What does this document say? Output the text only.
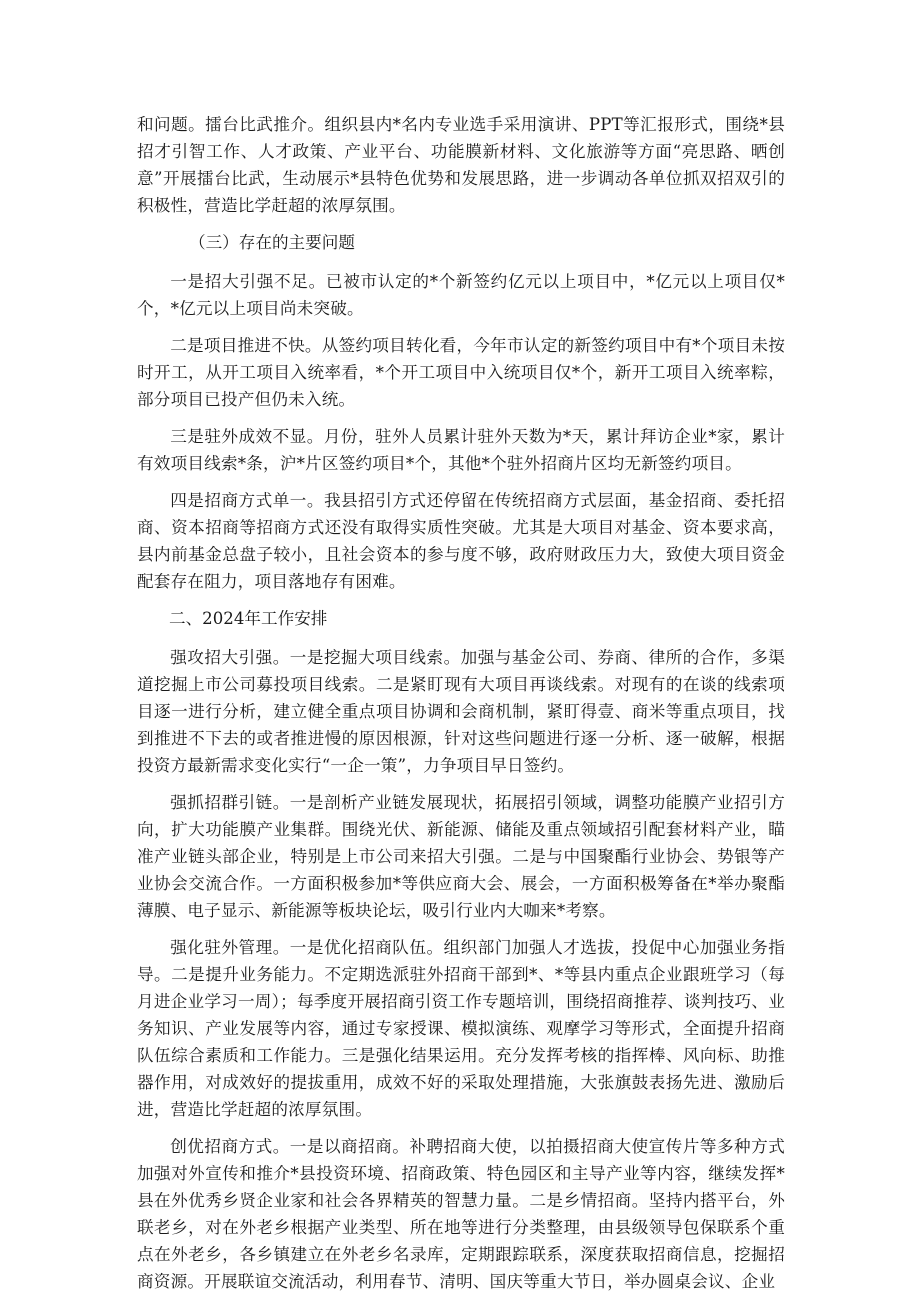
和问题。擂台比武推介。组织县内*名内专业选手采用演讲、PPT等汇报形式，围绕*县招才引智工作、人才政策、产业平台、功能膜新材料、文化旅游等方面“亮思路、晒创意”开展擂台比武，生动展示*县特色优势和发展思路，进一步调动各单位抓双招双引的积极性，营造比学赶超的浓厚氛围。

（三）存在的主要问题

一是招大引强不足。已被市认定的*个新签约亿元以上项目中，*亿元以上项目仅*个，*亿元以上项目尚未突破。

二是项目推进不快。从签约项目转化看，今年市认定的新签约项目中有*个项目未按时开工，从开工项目入统率看，*个开工项目中入统项目仅*个，新开工项目入统率粽，部分项目已投产但仍未入统。

三是驻外成效不显。月份，驻外人员累计驻外天数为*天，累计拜访企业*家，累计有效项目线索*条，沪*片区签约项目*个，其他*个驻外招商片区均无新签约项目。

四是招商方式单一。我县招引方式还停留在传统招商方式层面，基金招商、委托招商、资本招商等招商方式还没有取得实质性突破。尤其是大项目对基金、资本要求高，县内前基金总盘子较小，且社会资本的参与度不够，政府财政压力大，致使大项目资金配套存在阻力，项目落地存有困难。

二、2024年工作安排

强攻招大引强。一是挖掘大项目线索。加强与基金公司、券商、律所的合作，多渠道挖掘上市公司募投项目线索。二是紧盯现有大项目再谈线索。对现有的在谈的线索项目逐一进行分析，建立健全重点项目协调和会商机制，紧盯得壹、商米等重点项目，找到推进不下去的或者推进慢的原因根源，针对这些问题进行逐一分析、逐一破解，根据投资方最新需求变化实行“一企一策”，力争项目早日签约。

强抓招群引链。一是剖析产业链发展现状，拓展招引领域，调整功能膜产业招引方向，扩大功能膜产业集群。围绕光伏、新能源、储能及重点领域招引配套材料产业，瞄准产业链头部企业，特别是上市公司来招大引强。二是与中国聚酯行业协会、势银等产业协会交流合作。一方面积极参加*等供应商大会、展会，一方面积极筹备在*举办聚酯薄膜、电子显示、新能源等板块论坛，吸引行业内大咖来*考察。

强化驻外管理。一是优化招商队伍。组织部门加强人才选拔，投促中心加强业务指导。二是提升业务能力。不定期选派驻外招商干部到*、*等县内重点企业跟班学习（每月进企业学习一周）；每季度开展招商引资工作专题培训，围绕招商推荐、谈判技巧、业务知识、产业发展等内容，通过专家授课、模拟演练、观摩学习等形式，全面提升招商队伍综合素质和工作能力。三是强化结果运用。充分发挥考核的指挥棒、风向标、助推器作用，对成效好的提拔重用，成效不好的采取处理措施，大张旗鼓表扬先进、激励后进，营造比学赶超的浓厚氛围。

创优招商方式。一是以商招商。补聘招商大使，以拍摄招商大使宣传片等多种方式加强对外宣传和推介*县投资环境、招商政策、特色园区和主导产业等内容，继续发挥*县在外优秀乡贤企业家和社会各界精英的智慧力量。二是乡情招商。坚持内搭平台，外联老乡，对在外老乡根据产业类型、所在地等进行分类整理，由县级领导包保联系个重点在外老乡，各乡镇建立在外老乡名录库，定期跟踪联系，深度获取招商信息，挖掘招商资源。开展联谊交流活动，利用春节、清明、国庆等重大节日，举办圆桌会议、企业
